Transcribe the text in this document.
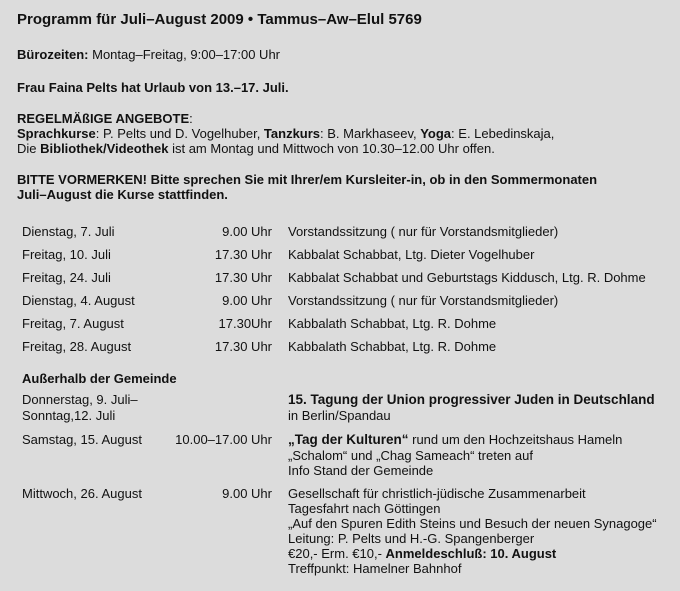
Programm für Juli–August 2009 • Tammus–Aw–Elul 5769
Bürozeiten: Montag–Freitag, 9:00–17:00 Uhr
Frau Faina Pelts hat Urlaub von 13.–17. Juli.
REGELMÄßIGE ANGEBOTE:
Sprachkurse: P. Pelts und D. Vogelhuber, Tanzkurs: B. Markhaseev, Yoga: E. Lebedinskaja,
Die Bibliothek/Videothek ist am Montag und Mittwoch von 10.30–12.00 Uhr offen.
BITTE VORMERKEN! Bitte sprechen Sie mit Ihrer/em Kursleiter-in, ob in den Sommermonaten
Juli–August die Kurse stattfinden.
Dienstag, 7. Juli	9.00 Uhr Vorstandssitzung ( nur für Vorstandsmitglieder)
Freitag, 10. Juli	17.30 Uhr Kabbalat Schabbat, Ltg. Dieter Vogelhuber
Freitag, 24. Juli	17.30 Uhr Kabbalat Schabbat und Geburtstags Kiddusch, Ltg. R. Dohme
Dienstag, 4. August	9.00 Uhr Vorstandssitzung ( nur für Vorstandsmitglieder)
Freitag, 7. August	17.30Uhr Kabbalath Schabbat, Ltg. R. Dohme
Freitag, 28. August	17.30 Uhr Kabbalath Schabbat, Ltg. R. Dohme
Außerhalb der Gemeinde
Donnerstag, 9. Juli–
Sonntag,12. Juli
15. Tagung der Union progressiver Juden in Deutschland
in Berlin/Spandau
Samstag, 15. August	10.00–17.00 Uhr „Tag der Kulturen“ rund um den Hochzeitshaus Hameln
„Schalom“ und „Chag Sameach“ treten auf
Info Stand der Gemeinde
Mittwoch, 26. August	9.00 Uhr Gesellschaft für christlich-jüdische Zusammenarbeit
Tagesfahrt nach Göttingen
„Auf den Spuren Edith Steins und Besuch der neuen Synagoge“
Leitung: P. Pelts und H.-G. Spangenberger
€20,- Erm. €10,- Anmeldeschluß: 10. August
Treffpunkt: Hamelner Bahnhof
